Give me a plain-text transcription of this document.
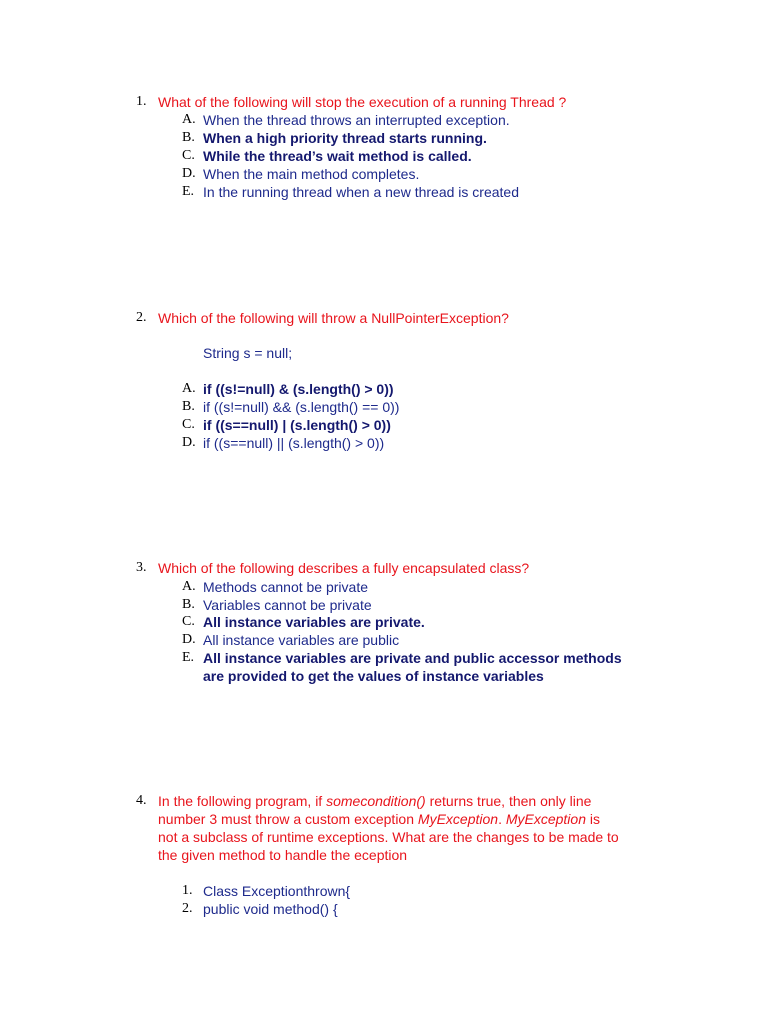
1. What of the following will stop the execution of a running Thread ?
A. When the thread throws an interrupted exception.
B. When a high priority thread starts running.
C. While the thread’s wait method is called.
D. When the main method completes.
E. In the running thread when a new thread is created
2. Which of the following will throw a NullPointerException?
String s = null;
A. if ((s!=null) & (s.length() > 0))
B. if ((s!=null) && (s.length() == 0))
C. if ((s==null) | (s.length() > 0))
D. if ((s==null) || (s.length() > 0))
3. Which of the following describes a fully encapsulated class?
A. Methods cannot be private
B. Variables cannot be private
C. All instance variables are private.
D. All instance variables are public
E. All instance variables are private and public accessor methods
are provided to get the values of instance variables
4. In the following program, if somecondition() returns true, then only line
number 3 must throw a custom exception MyException. MyException is
not a subclass of runtime exceptions. What are the changes to be made to
the given method to handle the eception
1. Class Exceptionthrown{
2. public void method() {
